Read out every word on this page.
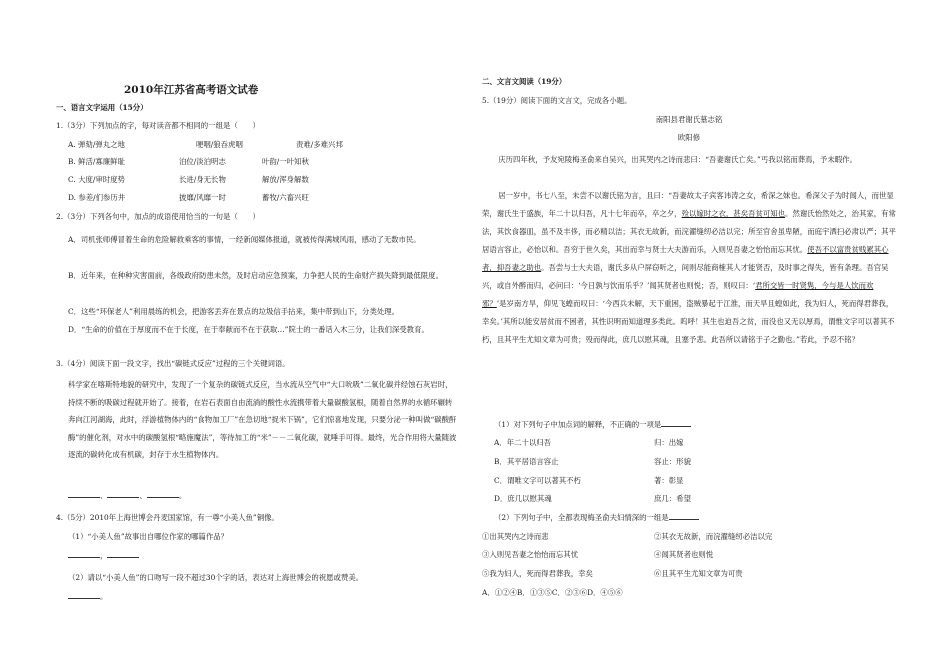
2010年江苏省高考语文试卷
一、语言文字运用（15分）
1.（3分）下列加点的字，每对读音都不相同的一组是（　　）
A. 弹劾/弹丸之地	哽咽/狼吞虎咽	责难/多难兴邦
B. 鲜活/寡廉鲜耻	泊位/淡泊明志	叶韵/一叶知秋
C. 大度/审时度势	长进/身无长物	解放/浑身解数
D. 参差/们参历井	披靡/风靡一时	蓄牧/六畜兴旺
2.（3分）下列各句中，加点的成语使用恰当的一句是（　　）
A．司机张师傅冒着生命的危险解救乘客的事情，一经新闻媒体报道，就被传得满城风雨，感动了无数市民。
B．近年来，在种种灾害面前，各级政府防患未然，及时启动应急预案，力争把人民的生命财产损失降到最低限度。
C．这些“环保老人”利用晨练的机会，把游客丢弃在景点的垃圾信手拈来，集中带到山下，分类处理。
D．“生命的价值在于厚度而不在于长度，在于奉献而不在于获取…”院士的一番话入木三分，让我们深受教育。
3.（4分）阅读下面一段文字，找出“碳链式反应”过程的三个关键词语。
科学家在喀斯特地貌的研究中，发现了一个复杂的碳链式反应，当水流从空气中“大口吮吸”二氧化碳并经蚀石灰岩时，持续不断的吸碳过程就开始了。接着，在岩石表面自由流淌的酸性水流携带着大量碳酸氢根，随着自然界的水循环辗转奔向江河湖海，此时，浮游植物体内的“食物加工厂”在急切地“捉米下锅”，它们惊喜地发现，只要分泌一种叫做“碳酸酐酶”的催化剂，对水中的碳酸氢根“略施魔法”，等待加工的“米”－－二氧化碳，就唾手可得。最终，光合作用将大量随波逐流的碳转化成有机碳，封存于水生植物体内。
、	、	。
4.（5分）2010年上海世博会丹麦国家馆，有一尊“小美人鱼”铜像。
（1）“小美人鱼”故事出自哪位作家的哪篇作品？
，
（2）请以“小美人鱼”的口吻写一段不超过30个字的话，表达对上海世博会的祝愿或赞美。
。
二、文言文阅读（19分）
5.（19分）阅读下面的文言文，完成各小题。
南阳县君谢氏墓志铭
欧阳修
庆历四年秋，予友宛陵梅圣俞来自吴兴，出其哭内之诗而悲曰：“吾妻谢氏亡矣。”丐我以铭而葬焉，予未暇作。
居一岁中，书七八至，未尝不以谢氏铭为言，且曰：“吾妻故太子宾客讳涛之女，希深之妹也。希深父子为时闻人，而世显荣，谢氏生于盛族，年二十以归吾，凡十七年而卒，卒之夕，殓以嫁时之衣，甚矣吾贫可知也。然谢氏怡然处之，治其家，有常法，其饮食器皿，虽不及丰侈，而必精以洁；其衣无故新，而浣濯缝纫必洁以完；所至官舍虽卑陋，而庭宇洒扫必肃以严；其平居语言容止，必怡以和。吾穷于世久矣，其出而幸与贤士大夫游而乐，入则见吾妻之怡怡而忘其忧。使吾不以富贵贫贱累其心者，抑吾妻之助也。吾尝与士大夫语，谢氏多从户屏窃听之，间则尽能商榷其人才能贤否，及时事之得失，皆有条理。吾官吴兴，或自外醉而归，必问曰：‘今日孰与饮而乐乎？’闻其贤者也则悦；否，则叹曰：‘君所交皆一时贤隽，今与是人饮而欢邪？’是岁南方旱，仰见飞蝗而叹曰：‘今西兵未解，天下重困，盗贼暴起于江淮，而天旱且蝗如此，我为妇人，死而得君葬我，幸矣。’其所以能安居贫而不困者，其性识明而知道理多类此。呜呼！其生也迫吾之贫，而没也又无以厚焉，谓惟文字可以著其不朽，且其平生尤知文章为可贵；殁而得此，庶几以慰其魂，且塞予悲。此吾所以请铭于子之勤也。”若此，予忍不铭？
（1）对下列句子中加点词的解释，不正确的一项是
A．年二十以归吾	归：出嫁
B．其平居语言容止	容止：形貌
C．谓唯文字可以著其不朽	著：彰显
D．庶几以慰其魂	庶几：希望
（2）下列句子中，全都表现梅圣俞夫妇情深的一组是
①出其哭内之诗而悲	②其衣无故新，而浣濯缝纫必洁以完
③入则见吾妻之怡怡而忘其忧	④闻其贤者也则悦
⑤我为妇人，死而得君葬我，幸矣	⑥且其平生尤知文章为可贵
A．①②④B．①③⑤C．②③⑥D．④⑤⑥
